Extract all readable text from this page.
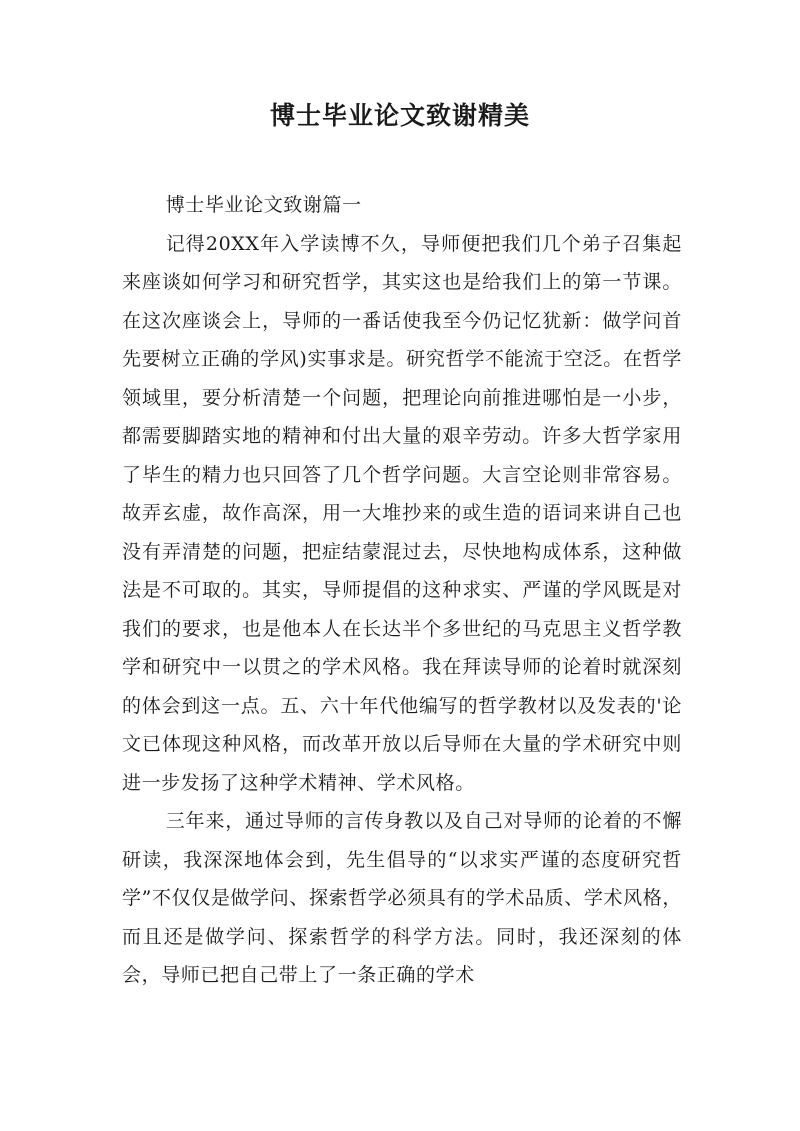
博士毕业论文致谢精美

博士毕业论文致谢篇一

记得20XX年入学读博不久，导师便把我们几个弟子召集起来座谈如何学习和研究哲学，其实这也是给我们上的第一节课。在这次座谈会上，导师的一番话使我至今仍记忆犹新：做学问首先要树立正确的学风)实事求是。研究哲学不能流于空泛。在哲学领域里，要分析清楚一个问题，把理论向前推进哪怕是一小步，都需要脚踏实地的精神和付出大量的艰辛劳动。许多大哲学家用了毕生的精力也只回答了几个哲学问题。大言空论则非常容易。故弄玄虚，故作高深，用一大堆抄来的或生造的语词来讲自己也没有弄清楚的问题，把症结蒙混过去，尽快地构成体系，这种做法是不可取的。其实，导师提倡的这种求实、严谨的学风既是对我们的要求，也是他本人在长达半个多世纪的马克思主义哲学教学和研究中一以贯之的学术风格。我在拜读导师的论着时就深刻的体会到这一点。五、六十年代他编写的哲学教材以及发表的'论文已体现这种风格，而改革开放以后导师在大量的学术研究中则进一步发扬了这种学术精神、学术风格。

三年来，通过导师的言传身教以及自己对导师的论着的不懈研读，我深深地体会到，先生倡导的“以求实严谨的态度研究哲学”不仅仅是做学问、探索哲学必须具有的学术品质、学术风格，而且还是做学问、探索哲学的科学方法。同时，我还深刻的体会，导师已把自己带上了一条正确的学术
